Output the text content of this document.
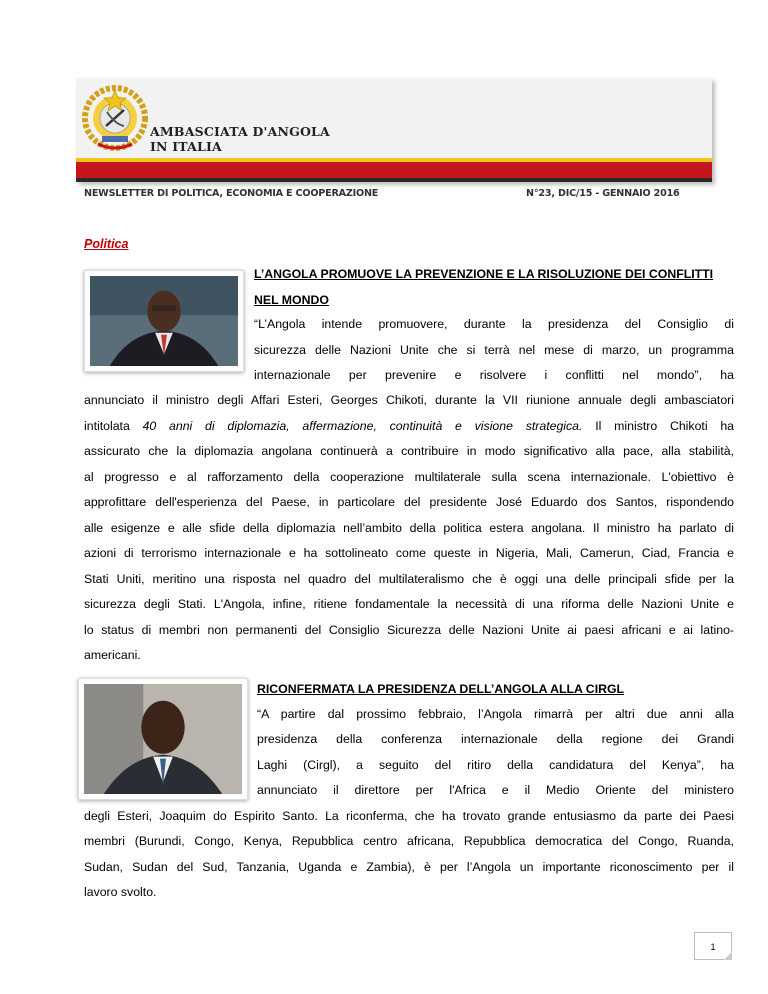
AMBASCIATA D'ANGOLA
IN ITALIA
NEWSLETTER DI POLITICA, ECONOMIA E COOPERAZIONE	N°23, DIC/15 - GENNAIO 2016
Politica
L’ANGOLA PROMUOVE LA PREVENZIONE E LA RISOLUZIONE DEI CONFLITTI
NEL MONDO
“L’Angola intende promuovere, durante la presidenza del Consiglio di
sicurezza delle Nazioni Unite che si terrà nel mese di marzo, un programma
internazionale per prevenire e risolvere i conflitti nel mondo”, ha
annunciato il ministro degli Affari Esteri, Georges Chikoti, durante la VII riunione annuale degli ambasciatori
intitolata 40 anni di diplomazia, affermazione, continuità e visione strategica. Il ministro Chikoti ha
assicurato che la diplomazia angolana continuerà a contribuire in modo significativo alla pace, alla stabilità,
al progresso e al rafforzamento della cooperazione multilaterale sulla scena internazionale. L'obiettivo è
approfittare dell'esperienza del Paese, in particolare del presidente José Eduardo dos Santos, rispondendo
alle esigenze e alle sfide della diplomazia nell’ambito della politica estera angolana. Il ministro ha parlato di
azioni di terrorismo internazionale e ha sottolineato come queste in Nigeria, Mali, Camerun, Ciad, Francia e
Stati Uniti, meritino una risposta nel quadro del multilateralismo che è oggi una delle principali sfide per la
sicurezza degli Stati. L'Angola, infine, ritiene fondamentale la necessità di una riforma delle Nazioni Unite e
lo status di membri non permanenti del Consiglio Sicurezza delle Nazioni Unite ai paesi africani e ai latino-
americani.
RICONFERMATA LA PRESIDENZA DELL’ANGOLA ALLA CIRGL
“A partire dal prossimo febbraio, l’Angola rimarrà per altri due anni alla
presidenza della conferenza internazionale della regione dei Grandi
Laghi (Cirgl), a seguito del ritiro della candidatura del Kenya”, ha
annunciato il direttore per l'Africa e il Medio Oriente del ministero
degli Esteri, Joaquim do Espirito Santo. La riconferma, che ha trovato grande entusiasmo da parte dei Paesi
membri (Burundi, Congo, Kenya, Repubblica centro africana, Repubblica democratica del Congo, Ruanda,
Sudan, Sudan del Sud, Tanzania, Uganda e Zambia), è per l’Angola un importante riconoscimento per il
lavoro svolto.
1
